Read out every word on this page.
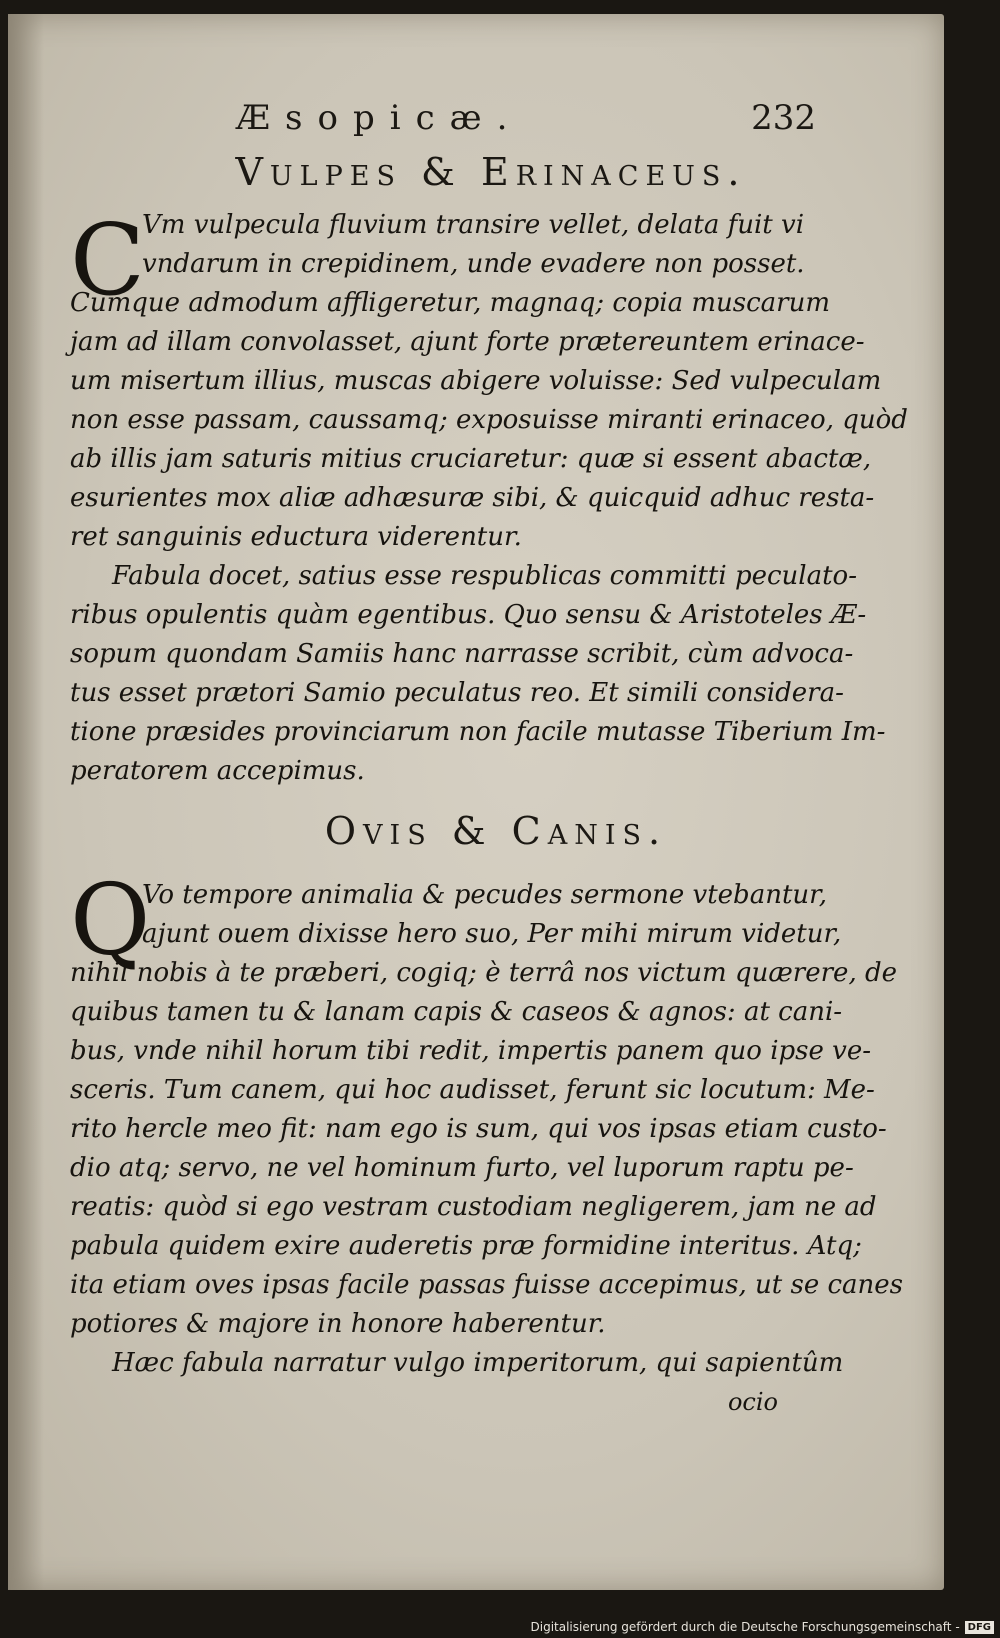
Æsopicæ.	232
Vulpes & Erinaceus.
C
Vm vulpecula fluvium transire vellet, delata fuit vi
vndarum in crepidinem, unde evadere non posset.
Cumque admodum affligeretur, magnaq; copia muscarum
jam ad illam convolasset, ajunt forte prætereuntem erinace-
um misertum illius, muscas abigere voluisse: Sed vulpeculam
non esse passam, caussamq; exposuisse miranti erinaceo, quòd
ab illis jam saturis mitius cruciaretur: quæ si essent abactæ,
esurientes mox aliæ adhæsuræ sibi, & quicquid adhuc resta-
ret sanguinis eductura viderentur.
Fabula docet, satius esse respublicas committi peculato-
ribus opulentis quàm egentibus. Quo sensu & Aristoteles Æ-
sopum quondam Samiis hanc narrasse scribit, cùm advoca-
tus esset prætori Samio peculatus reo. Et simili considera-
tione præsides provinciarum non facile mutasse Tiberium Im-
peratorem accepimus.
Ovis & Canis.
Q
Vo tempore animalia & pecudes sermone vtebantur,
ajunt ouem dixisse hero suo, Per mihi mirum videtur,
nihil nobis à te præberi, cogiq; è terrâ nos victum quærere, de
quibus tamen tu & lanam capis & caseos & agnos: at cani-
bus, vnde nihil horum tibi redit, impertis panem quo ipse ve-
sceris. Tum canem, qui hoc audisset, ferunt sic locutum: Me-
rito hercle meo fit: nam ego is sum, qui vos ipsas etiam custo-
dio atq; servo, ne vel hominum furto, vel luporum raptu pe-
reatis: quòd si ego vestram custodiam negligerem, jam ne ad
pabula quidem exire auderetis præ formidine interitus. Atq;
ita etiam oves ipsas facile passas fuisse accepimus, ut se canes
potiores & majore in honore haberentur.
Hæc fabula narratur vulgo imperitorum, qui sapientûm
ocio
Digitalisierung gefördert durch die Deutsche Forschungsgemeinschaft - DFG
